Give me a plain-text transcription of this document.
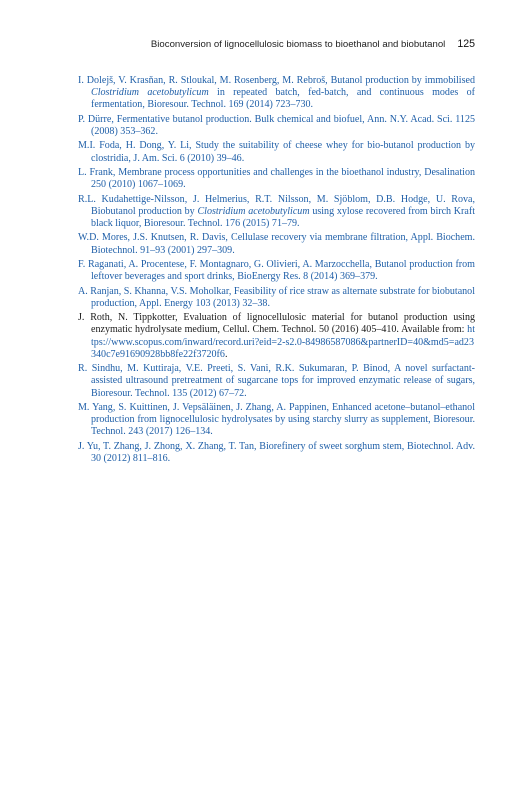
Bioconversion of lignocellulosic biomass to bioethanol and biobutanol 125
I. Dolejš, V. Krasňan, R. Stloukal, M. Rosenberg, M. Rebroš, Butanol production by immobilised Clostridium acetobutylicum in repeated batch, fed-batch, and continuous modes of fermentation, Bioresour. Technol. 169 (2014) 723–730.
P. Dürre, Fermentative butanol production. Bulk chemical and biofuel, Ann. N.Y. Acad. Sci. 1125 (2008) 353–362.
M.I. Foda, H. Dong, Y. Li, Study the suitability of cheese whey for bio-butanol production by clostridia, J. Am. Sci. 6 (2010) 39–46.
L. Frank, Membrane process opportunities and challenges in the bioethanol industry, Desalination 250 (2010) 1067–1069.
R.L. Kudahettige-Nilsson, J. Helmerius, R.T. Nilsson, M. Sjöblom, D.B. Hodge, U. Rova, Biobutanol production by Clostridium acetobutylicum using xylose recovered from birch Kraft black liquor, Bioresour. Technol. 176 (2015) 71–79.
W.D. Mores, J.S. Knutsen, R. Davis, Cellulase recovery via membrane filtration, Appl. Biochem. Biotechnol. 91–93 (2001) 297–309.
F. Raganati, A. Procentese, F. Montagnaro, G. Olivieri, A. Marzocchella, Butanol production from leftover beverages and sport drinks, BioEnergy Res. 8 (2014) 369–379.
A. Ranjan, S. Khanna, V.S. Moholkar, Feasibility of rice straw as alternate substrate for biobutanol production, Appl. Energy 103 (2013) 32–38.
J. Roth, N. Tippkotter, Evaluation of lignocellulosic material for butanol production using enzymatic hydrolysate medium, Cellul. Chem. Technol. 50 (2016) 405–410. Available from: https://www.scopus.com/inward/record.uri?eid=2-s2.0-84986587086&partnerID=40&md5=ad23340c7e91690928bb8fe22f3720f6.
R. Sindhu, M. Kuttiraja, V.E. Preeti, S. Vani, R.K. Sukumaran, P. Binod, A novel surfactant-assisted ultrasound pretreatment of sugarcane tops for improved enzymatic release of sugars, Bioresour. Technol. 135 (2012) 67–72.
M. Yang, S. Kuittinen, J. Vepsäläinen, J. Zhang, A. Pappinen, Enhanced acetone–butanol–ethanol production from lignocellulosic hydrolysates by using starchy slurry as supplement, Bioresour. Technol. 243 (2017) 126–134.
J. Yu, T. Zhang, J. Zhong, X. Zhang, T. Tan, Biorefinery of sweet sorghum stem, Biotechnol. Adv. 30 (2012) 811–816.
